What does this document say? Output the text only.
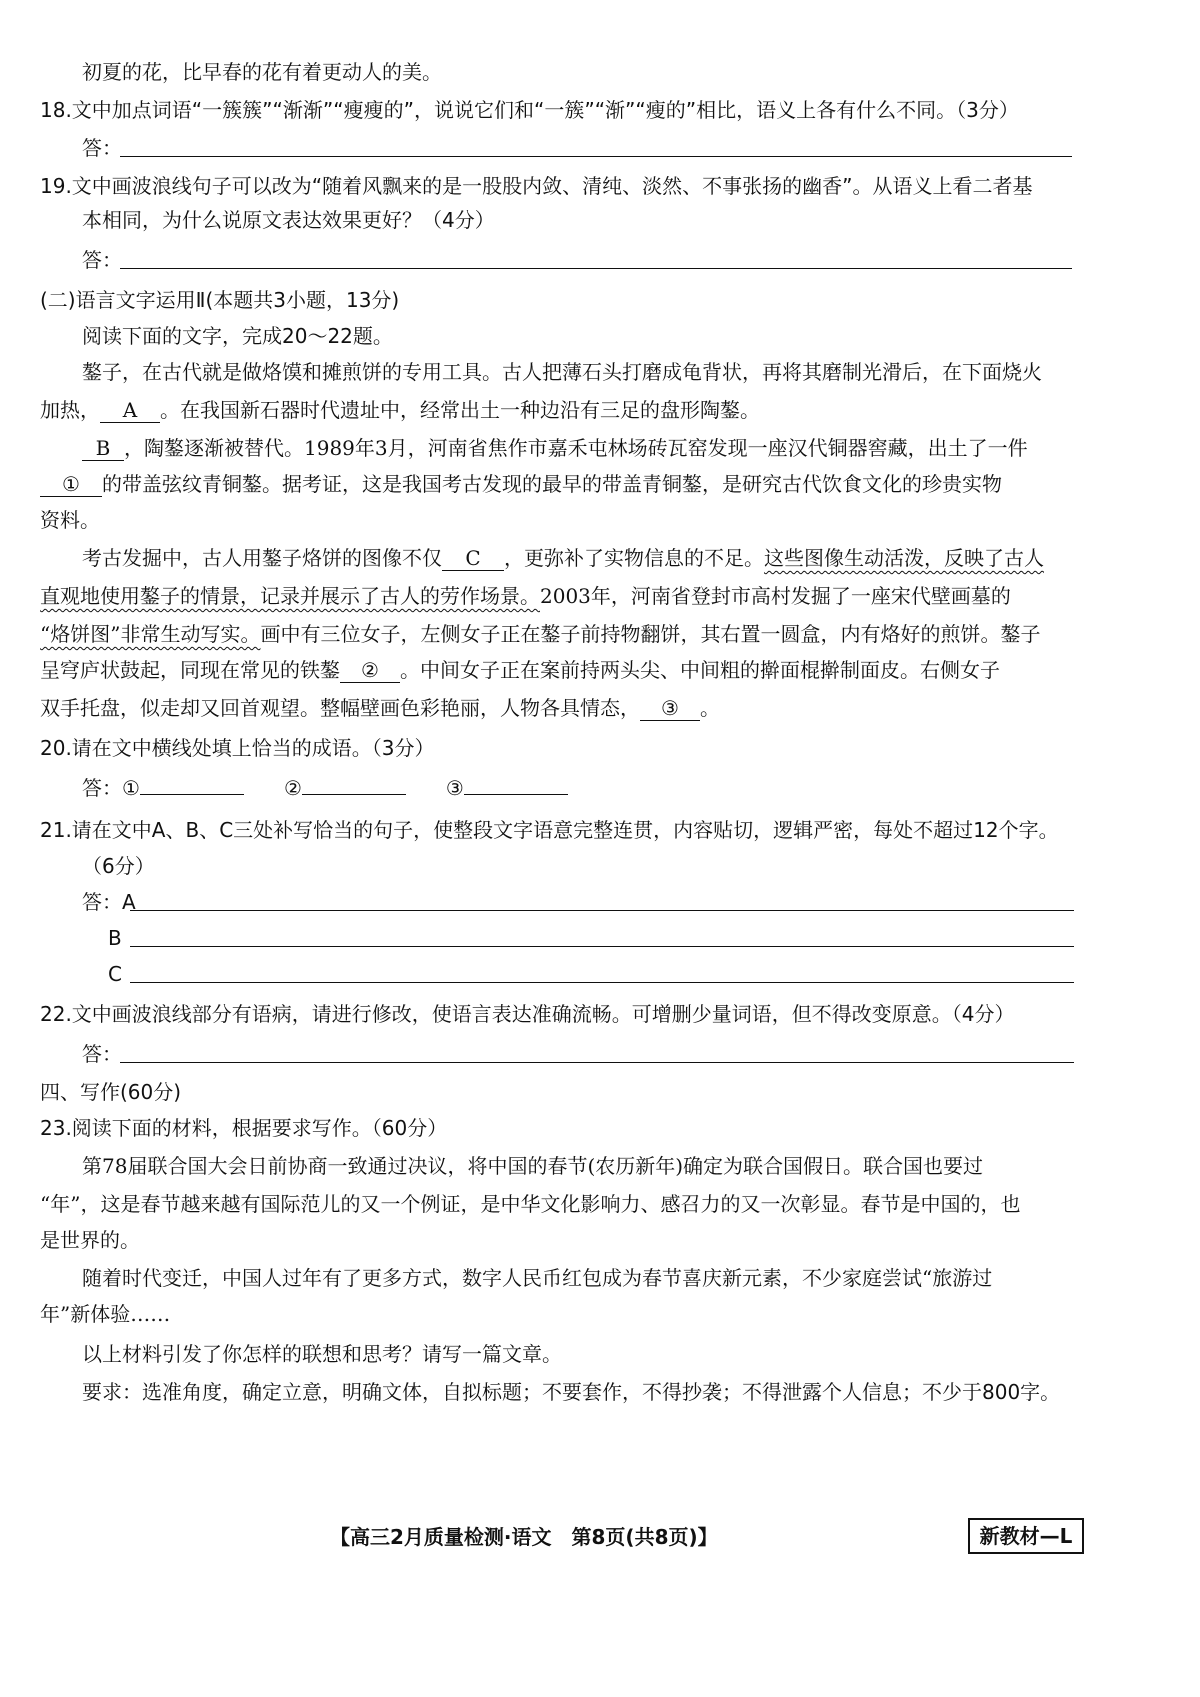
初夏的花，比早春的花有着更动人的美。
18.文中加点词语“一簇簇”“渐渐”“瘦瘦的”，说说它们和“一簇”“渐”“瘦的”相比，语义上各有什么不同。（3分）
答：
19.文中画波浪线句子可以改为“随着风飘来的是一股股内敛、清纯、淡然、不事张扬的幽香”。从语义上看二者基
本相同，为什么说原文表达效果更好？（4分）
答：
(二)语言文字运用Ⅱ(本题共3小题，13分)
阅读下面的文字，完成20～22题。
鏊子，在古代就是做烙馍和摊煎饼的专用工具。古人把薄石头打磨成龟背状，再将其磨制光滑后，在下面烧火
加热， A 。在我国新石器时代遗址中，经常出土一种边沿有三足的盘形陶鏊。
B ，陶鏊逐渐被替代。1989年3月，河南省焦作市嘉禾屯林场砖瓦窑发现一座汉代铜器窖藏，出土了一件
① 的带盖弦纹青铜鏊。据考证，这是我国考古发现的最早的带盖青铜鏊，是研究古代饮食文化的珍贵实物
资料。
考古发掘中，古人用鏊子烙饼的图像不仅 C ，更弥补了实物信息的不足。这些图像生动活泼，反映了古人
直观地使用鏊子的情景，记录并展示了古人的劳作场景。2003年，河南省登封市高村发掘了一座宋代壁画墓的
“烙饼图”非常生动写实。画中有三位女子，左侧女子正在鏊子前持物翻饼，其右置一圆盒，内有烙好的煎饼。鏊子
呈穹庐状鼓起，同现在常见的铁鏊 ② 。中间女子正在案前持两头尖、中间粗的擀面棍擀制面皮。右侧女子
双手托盘，似走却又回首观望。整幅壁画色彩艳丽，人物各具情态， ③ 。
20.请在文中横线处填上恰当的成语。（3分）
答：①	②	③
21.请在文中A、B、C三处补写恰当的句子，使整段文字语意完整连贯，内容贴切，逻辑严密，每处不超过12个字。
（6分）
答：A
B
C
22.文中画波浪线部分有语病，请进行修改，使语言表达准确流畅。可增删少量词语，但不得改变原意。（4分）
答：
四、写作(60分)
23.阅读下面的材料，根据要求写作。（60分）
第78届联合国大会日前协商一致通过决议，将中国的春节(农历新年)确定为联合国假日。联合国也要过
“年”，这是春节越来越有国际范儿的又一个例证，是中华文化影响力、感召力的又一次彰显。春节是中国的，也
是世界的。
随着时代变迁，中国人过年有了更多方式，数字人民币红包成为春节喜庆新元素，不少家庭尝试“旅游过
年”新体验……
以上材料引发了你怎样的联想和思考？请写一篇文章。
要求：选准角度，确定立意，明确文体，自拟标题；不要套作，不得抄袭；不得泄露个人信息；不少于800字。
【高三2月质量检测·语文　第8页(共8页)】	新教材—L
